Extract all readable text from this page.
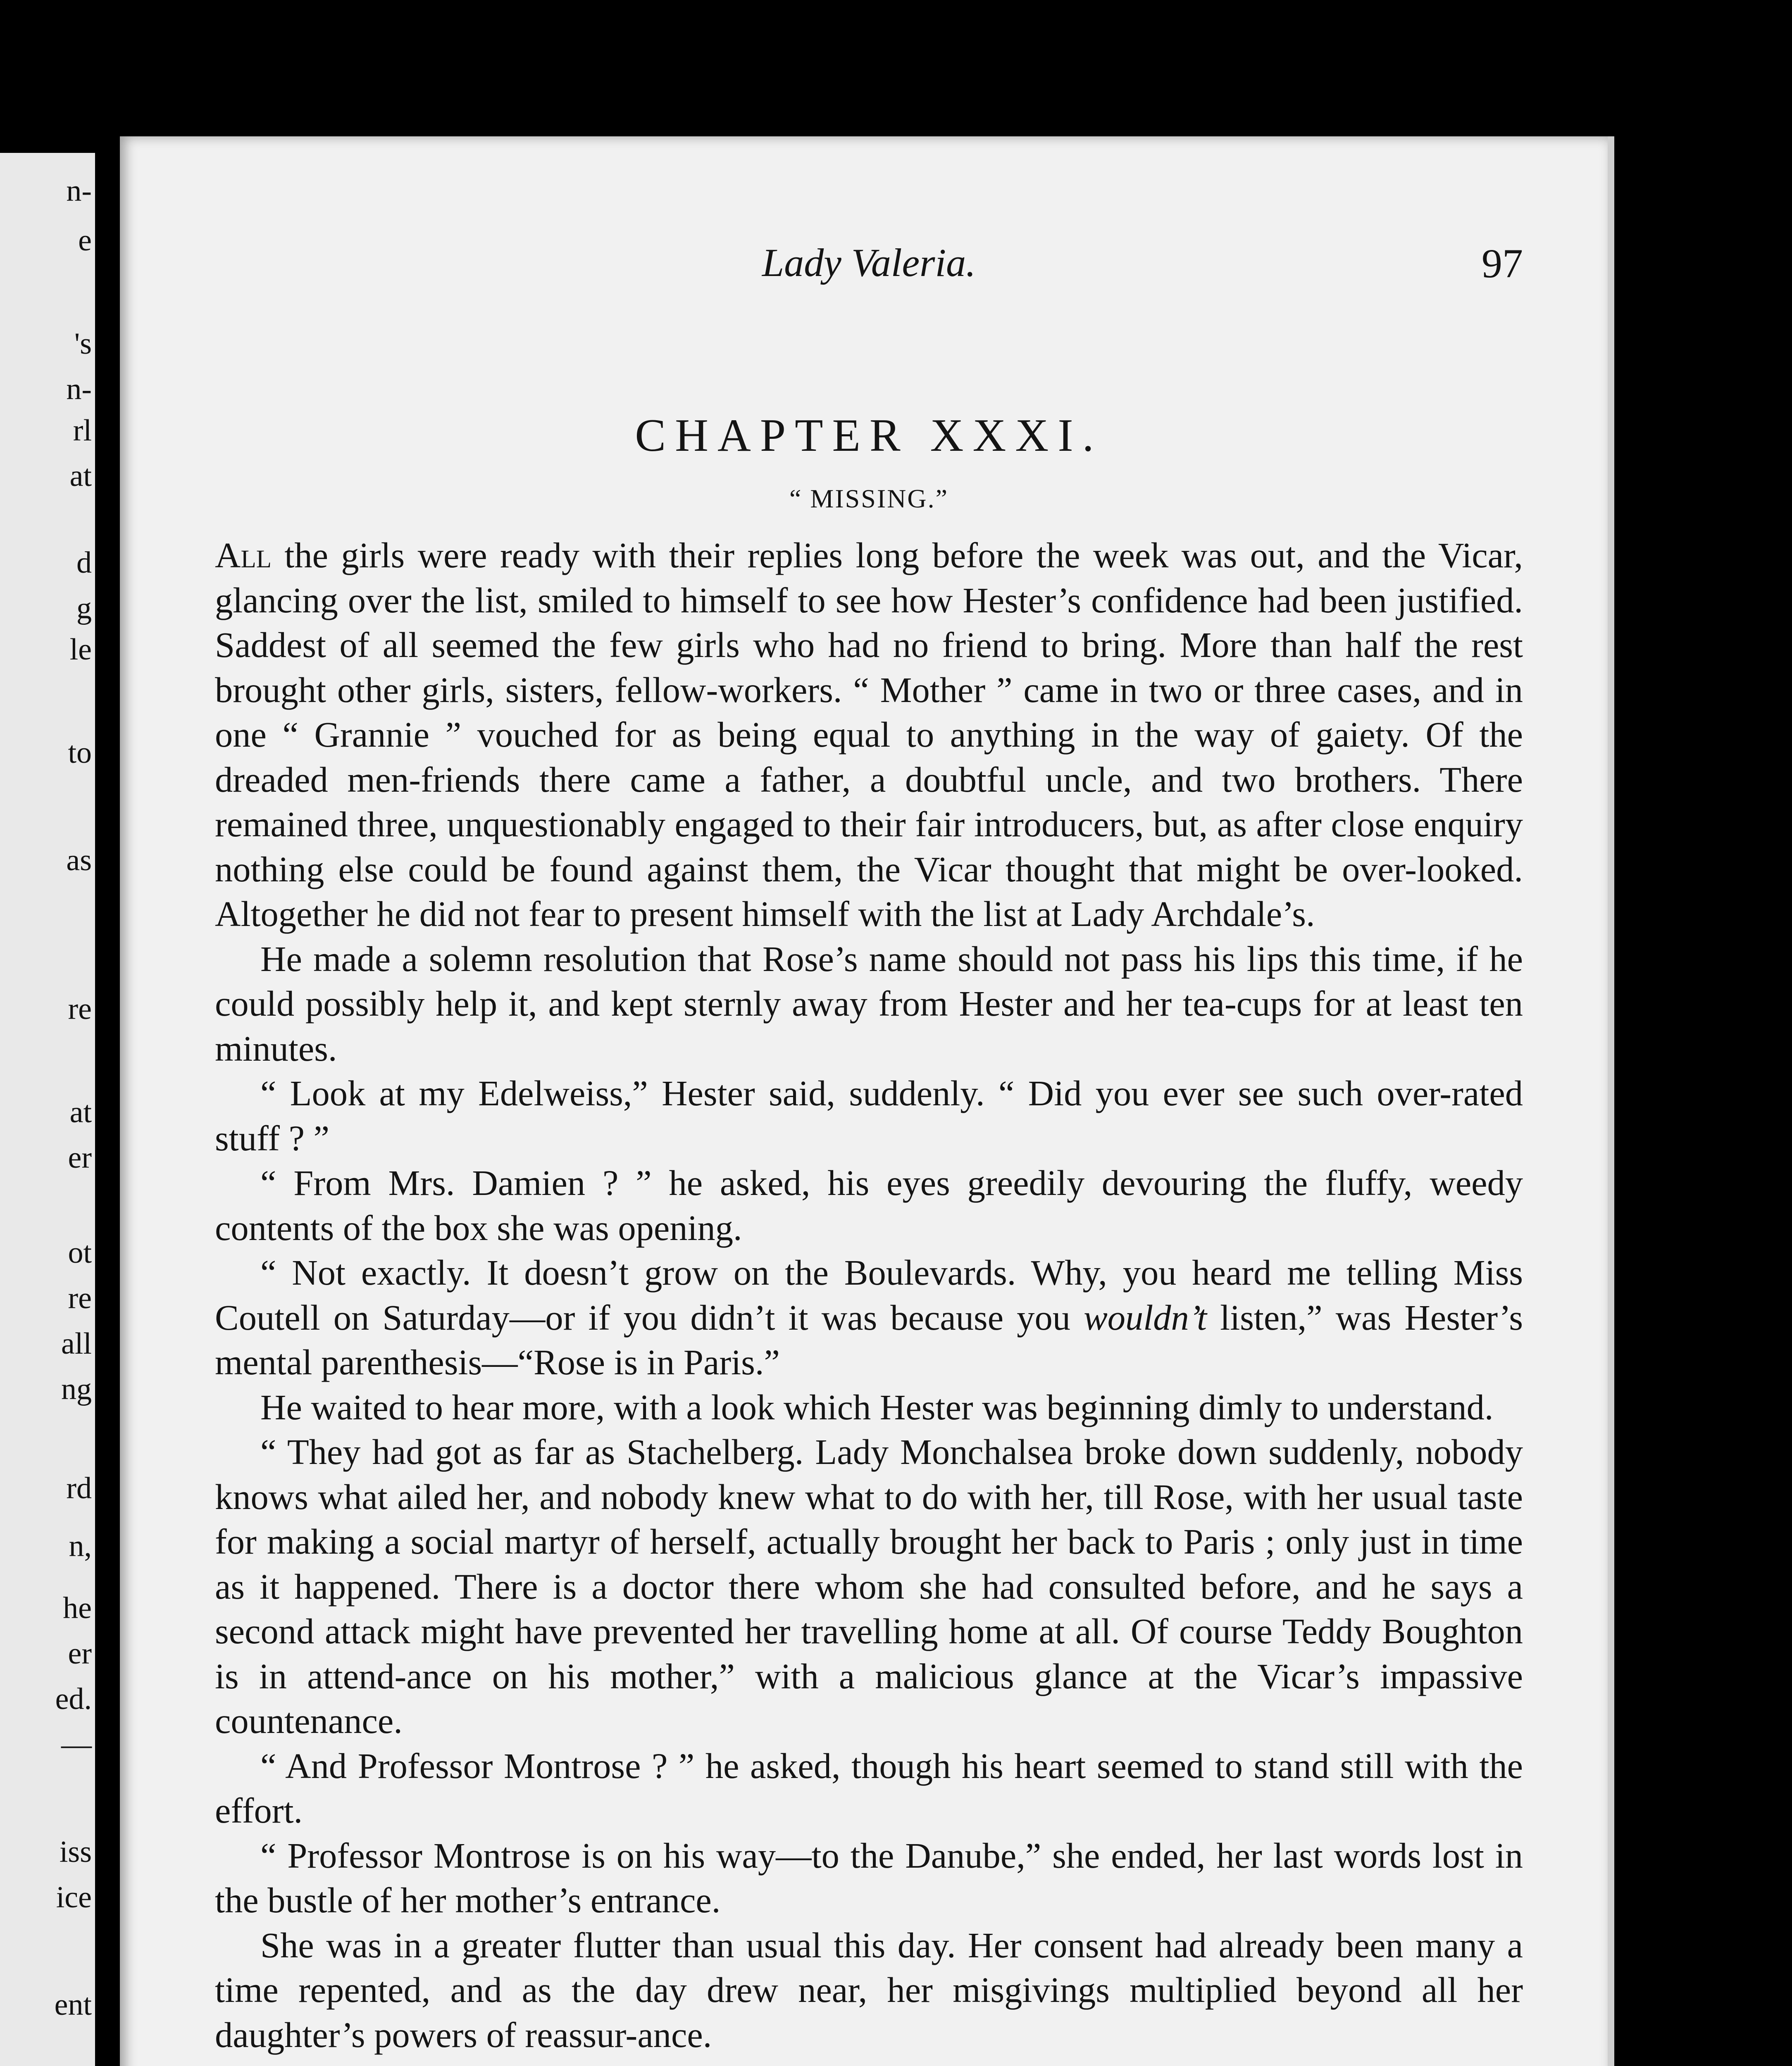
n-
e
's
n-
rl
at
d
g
le
to
as
re
at
er
ot
re
all
ng
rd
n,
he
er
ed.
—
iss
ice
ent
Lady Valeria.	97
CHAPTER XXXI.
“ MISSING.”

All the girls were ready with their replies long before the week was out, and the Vicar, glancing over the list, smiled to himself to see how Hester’s confidence had been justified. Saddest of all seemed the few girls who had no friend to bring. More than half the rest brought other girls, sisters, fellow-workers. “ Mother ” came in two or three cases, and in one “ Grannie ” vouched for as being equal to anything in the way of gaiety. Of the dreaded men-friends there came a father, a doubtful uncle, and two brothers. There remained three, unquestionably engaged to their fair introducers, but, as after close enquiry nothing else could be found against them, the Vicar thought that might be over-looked. Altogether he did not fear to present himself with the list at Lady Archdale’s.

He made a solemn resolution that Rose’s name should not pass his lips this time, if he could possibly help it, and kept sternly away from Hester and her tea-cups for at least ten minutes.

“ Look at my Edelweiss,” Hester said, suddenly. “ Did you ever see such over-rated stuff ? ”

“ From Mrs. Damien ? ” he asked, his eyes greedily devouring the fluffy, weedy contents of the box she was opening.

“ Not exactly. It doesn’t grow on the Boulevards. Why, you heard me telling Miss Coutell on Saturday—or if you didn’t it was because you wouldn’t listen,” was Hester’s mental parenthesis—“Rose is in Paris.”

He waited to hear more, with a look which Hester was beginning dimly to understand.

“ They had got as far as Stachelberg. Lady Monchalsea broke down suddenly, nobody knows what ailed her, and nobody knew what to do with her, till Rose, with her usual taste for making a social martyr of herself, actually brought her back to Paris ; only just in time as it happened. There is a doctor there whom she had consulted before, and he says a second attack might have prevented her travelling home at all. Of course Teddy Boughton is in attend-ance on his mother,” with a malicious glance at the Vicar’s impassive countenance.

“ And Professor Montrose ? ” he asked, though his heart seemed to stand still with the effort.

“ Professor Montrose is on his way—to the Danube,” she ended, her last words lost in the bustle of her mother’s entrance.

She was in a greater flutter than usual this day. Her consent had already been many a time repented, and as the day drew near, her misgivings multiplied beyond all her daughter’s powers of reassur-ance.
